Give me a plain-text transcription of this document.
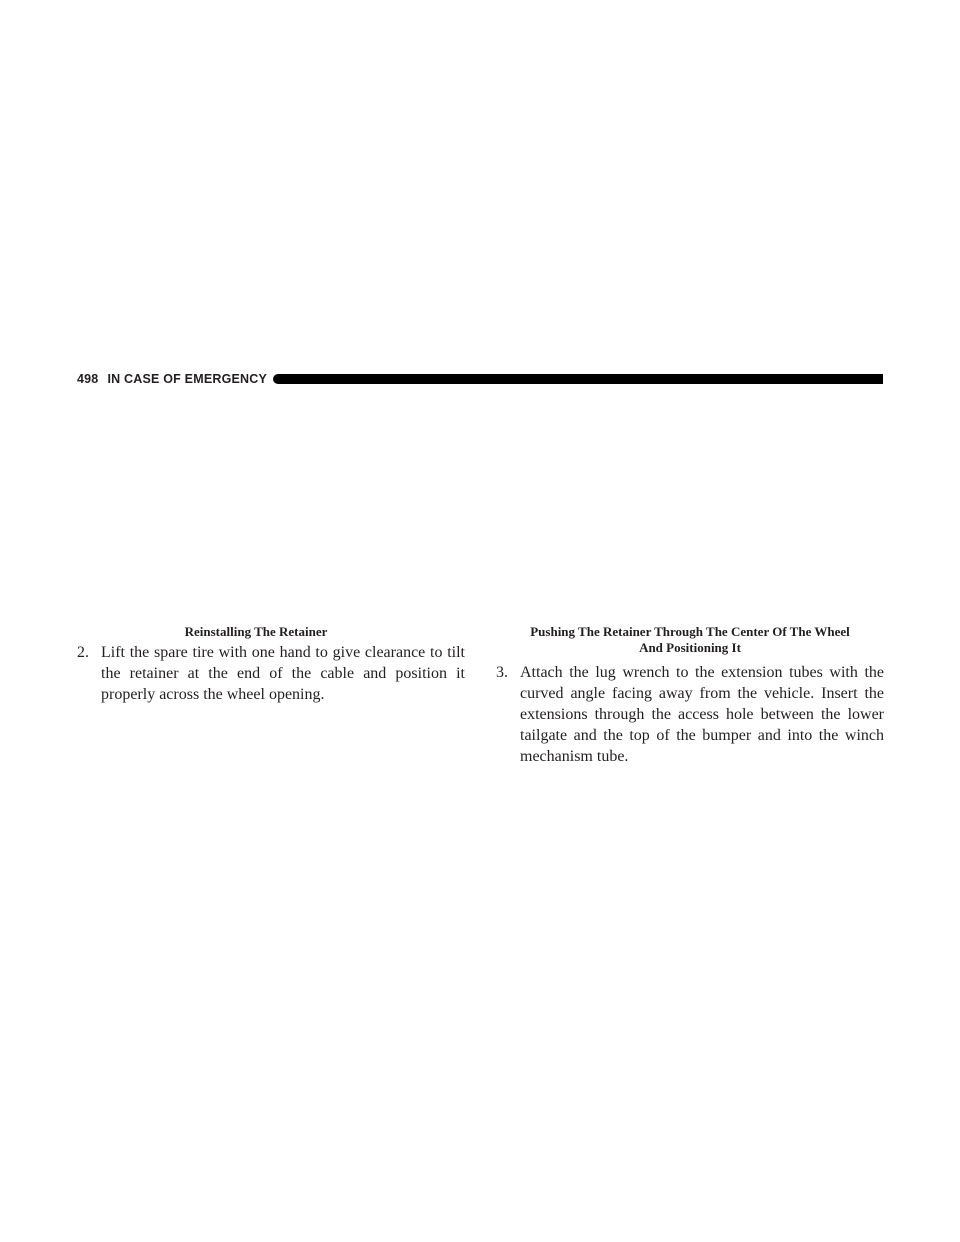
498 IN CASE OF EMERGENCY
Reinstalling The Retainer

2. Lift the spare tire with one hand to give clearance to tilt the retainer at the end of the cable and position it properly across the wheel opening.

Pushing The Retainer Through The Center Of The Wheel
And Positioning It

3. Attach the lug wrench to the extension tubes with the curved angle facing away from the vehicle. Insert the extensions through the access hole between the lower tailgate and the top of the bumper and into the winch mechanism tube.
